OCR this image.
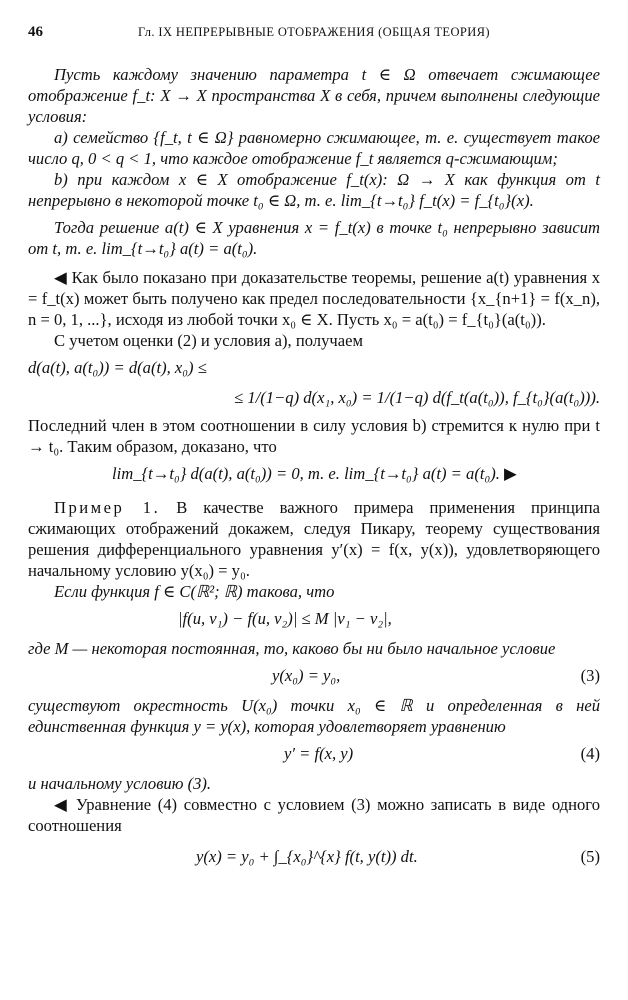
46	Гл. IX НЕПРЕРЫВНЫЕ ОТОБРАЖЕНИЯ (ОБЩАЯ ТЕОРИЯ)

Пусть каждому значению параметра t ∈ Ω отвечает сжимающее отображение f_t: X → X пространства X в себя, причем выполнены следующие условия:

a) семейство {f_t, t ∈ Ω} равномерно сжимающее, т. е. существует такое число q, 0 < q < 1, что каждое отображение f_t является q-сжимающим;

b) при каждом x ∈ X отображение f_t(x): Ω → X как функция от t непрерывно в некоторой точке t₀ ∈ Ω, т. е. lim_{t→t₀} f_t(x) = f_{t₀}(x).

Тогда решение a(t) ∈ X уравнения x = f_t(x) в точке t₀ непрерывно зависит от t, т. е. lim_{t→t₀} a(t) = a(t₀).

◀ Как было показано при доказательстве теоремы, решение a(t) уравнения x = f_t(x) может быть получено как предел последовательности {x_{n+1} = f(x_n), n = 0, 1, ...}, исходя из любой точки x₀ ∈ X. Пусть x₀ = a(t₀) = f_{t₀}(a(t₀)).

С учетом оценки (2) и условия a), получаем

d(a(t), a(t₀)) = d(a(t), x₀) ≤
≤ 1/(1−q) d(x₁, x₀) = 1/(1−q) d(f_t(a(t₀)), f_{t₀}(a(t₀))).

Последний член в этом соотношении в силу условия b) стремится к нулю при t → t₀. Таким образом, доказано, что

lim_{t→t₀} d(a(t), a(t₀)) = 0, т. е. lim_{t→t₀} a(t) = a(t₀). ▶

Пример 1. В качестве важного примера применения принципа сжимающих отображений докажем, следуя Пикару, теорему существования решения дифференциального уравнения y′(x) = f(x, y(x)), удовлетворяющего начальному условию y(x₀) = y₀.

Если функция f ∈ C(ℝ²; ℝ) такова, что

|f(u, v₁) − f(u, v₂)| ≤ M |v₁ − v₂|,

где M — некоторая постоянная, то, каково бы ни было начальное условие

y(x₀) = y₀,	(3)

существуют окрестность U(x₀) точки x₀ ∈ ℝ и определенная в ней единственная функция y = y(x), которая удовлетворяет уравнению

y′ = f(x, y)	(4)

и начальному условию (3).

◀ Уравнение (4) совместно с условием (3) можно записать в виде одного соотношения

y(x) = y₀ + ∫_{x₀}^{x} f(t, y(t)) dt.	(5)
